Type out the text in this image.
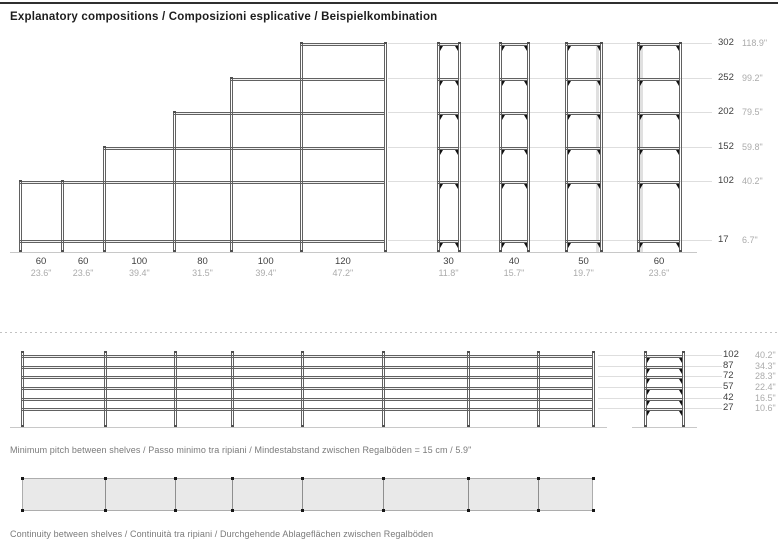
Explanatory compositions / Composizioni esplicative / Beispielkombination
60
23.6"
60
23.6"
100
39.4"
80
31.5"
100
39.4"
120
47.2"
30
11.8"
40
15.7"
50
19.7"
60
23.6"
302 118.9"
252 99.2"
202 79.5"
152 59.8"
102 40.2"
17 6.7"
102 40.2"
87 34.3"
72 28.3"
57 22.4"
42 16.5"
27 10.6"
Minimum pitch between shelves / Passo minimo tra ripiani / Mindestabstand zwischen Regalböden = 15 cm / 5.9"
Continuity between shelves / Continuità tra ripiani / Durchgehende Ablageflächen zwischen Regalböden
